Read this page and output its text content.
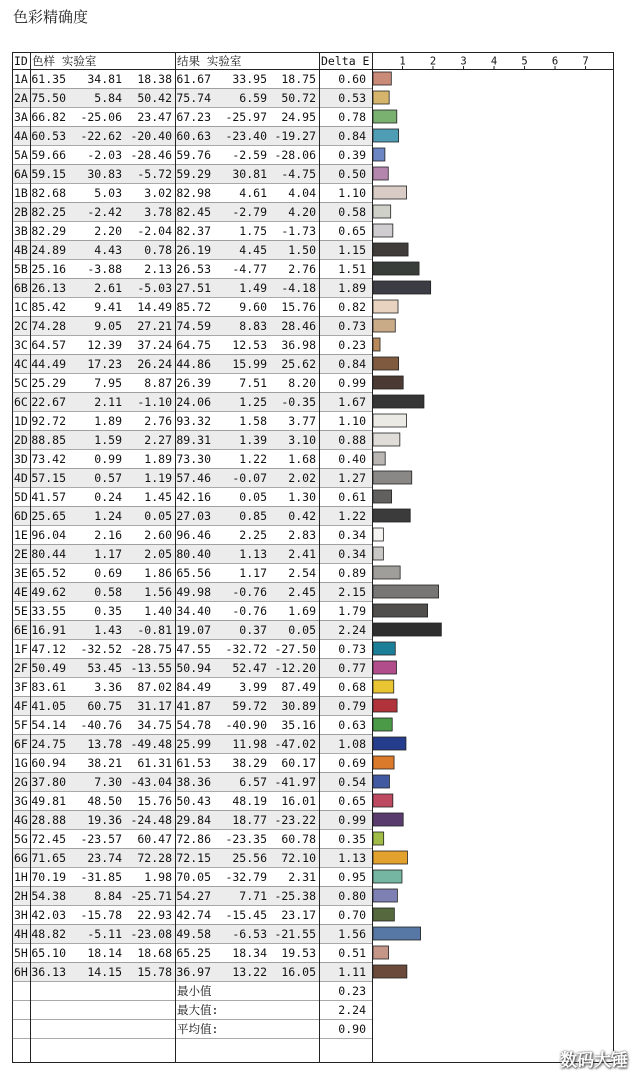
色彩精确度
ID 色样 实验室	结果 实验室	Delta E	1 2 3 4 5 6 7
1A 61.35 34.81 18.38 61.67 33.95 18.75 0.60
2A 75.50 5.84 50.42 75.74 6.59 50.72 0.53
3A 66.82 -25.06 23.47 67.23 -25.97 24.95 0.78
4A 60.53 -22.62 -20.40 60.63 -23.40 -19.27 0.84
5A 59.66 -2.03 -28.46 59.76 -2.59 -28.06 0.39
6A 59.15 30.83 -5.72 59.29 30.81 -4.75 0.50
1B 82.68 5.03 3.02 82.98 4.61 4.04 1.10
2B 82.25 -2.42 3.78 82.45 -2.79 4.20 0.58
3B 82.29 2.20 -2.04 82.37 1.75 -1.73 0.65
4B 24.89 4.43 0.78 26.19 4.45 1.50 1.15
5B 25.16 -3.88 2.13 26.53 -4.77 2.76 1.51
6B 26.13 2.61 -5.03 27.51 1.49 -4.18 1.89
1C 85.42 9.41 14.49 85.72 9.60 15.76 0.82
2C 74.28 9.05 27.21 74.59 8.83 28.46 0.73
3C 64.57 12.39 37.24 64.75 12.53 36.98 0.23
4C 44.49 17.23 26.24 44.86 15.99 25.62 0.84
5C 25.29 7.95 8.87 26.39 7.51 8.20 0.99
6C 22.67 2.11 -1.10 24.06 1.25 -0.35 1.67
1D 92.72 1.89 2.76 93.32 1.58 3.77 1.10
2D 88.85 1.59 2.27 89.31 1.39 3.10 0.88
3D 73.42 0.99 1.89 73.30 1.22 1.68 0.40
4D 57.15 0.57 1.19 57.46 -0.07 2.02 1.27
5D 41.57 0.24 1.45 42.16 0.05 1.30 0.61
6D 25.65 1.24 0.05 27.03 0.85 0.42 1.22
1E 96.04 2.16 2.60 96.46 2.25 2.83 0.34
2E 80.44 1.17 2.05 80.40 1.13 2.41 0.34
3E 65.52 0.69 1.86 65.56 1.17 2.54 0.89
4E 49.62 0.58 1.56 49.98 -0.76 2.45 2.15
5E 33.55 0.35 1.40 34.40 -0.76 1.69 1.79
6E 16.91 1.43 -0.81 19.07 0.37 0.05 2.24
1F 47.12 -32.52 -28.75 47.55 -32.72 -27.50 0.73
2F 50.49 53.45 -13.55 50.94 52.47 -12.20 0.77
3F 83.61 3.36 87.02 84.49 3.99 87.49 0.68
4F 41.05 60.75 31.17 41.87 59.72 30.89 0.79
5F 54.14 -40.76 34.75 54.78 -40.90 35.16 0.63
6F 24.75 13.78 -49.48 25.99 11.98 -47.02 1.08
1G 60.94 38.21 61.31 61.53 38.29 60.17 0.69
2G 37.80 7.30 -43.04 38.36 6.57 -41.97 0.54
3G 49.81 48.50 15.76 50.43 48.19 16.01 0.65
4G 28.88 19.36 -24.48 29.84 18.77 -23.22 0.99
5G 72.45 -23.57 60.47 72.86 -23.35 60.78 0.35
6G 71.65 23.74 72.28 72.15 25.56 72.10 1.13
1H 70.19 -31.85 1.98 70.05 -32.79 2.31 0.95
2H 54.38 8.84 -25.71 54.27 7.71 -25.38 0.80
3H 42.03 -15.78 22.93 42.74 -15.45 23.17 0.70
4H 48.82 -5.11 -23.08 49.58 -6.53 -21.55 1.56
5H 65.10 18.14 18.68 65.25 18.34 19.53 0.51
6H 36.13 14.15 15.78 36.97 13.22 16.05 1.11
最小值	0.23
最大值:	2.24
平均值:	0.90
数码大锤
